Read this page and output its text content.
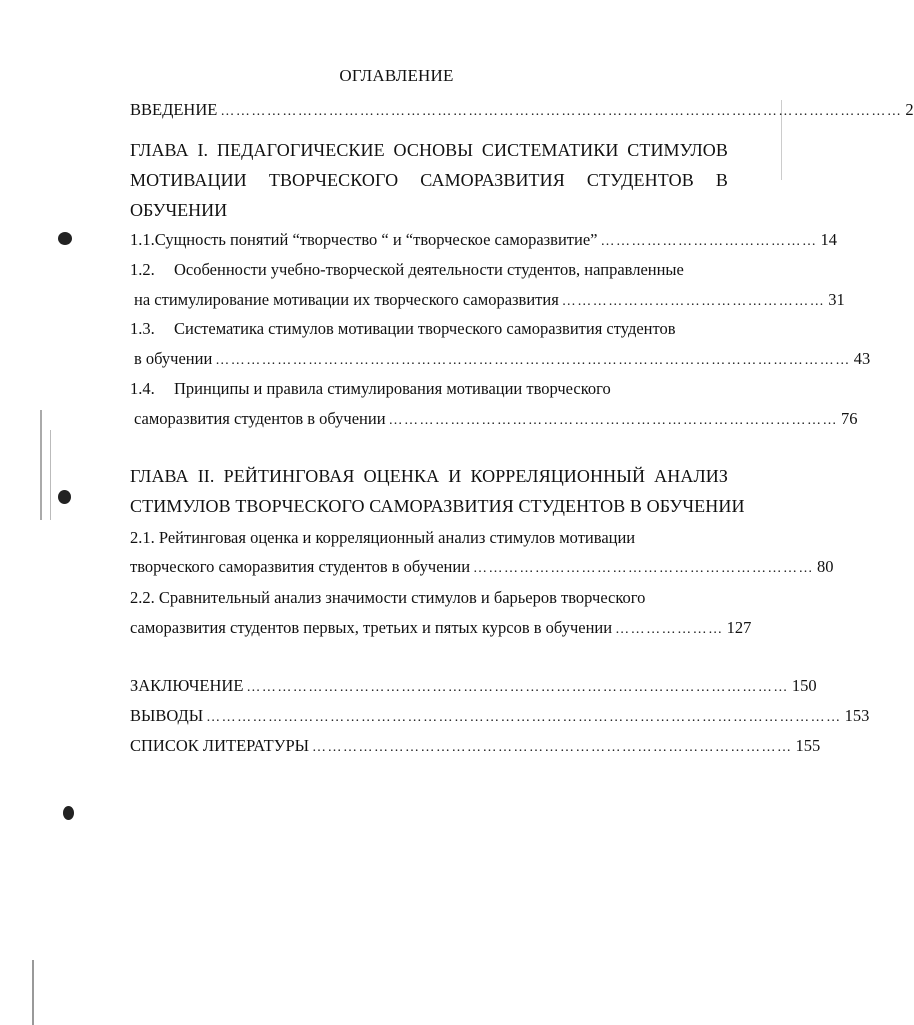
ОГЛАВЛЕНИЕ
ВВЕДЕНИЕ …………………………………………………………………………………………………………………… 2
ГЛАВА I. ПЕДАГОГИЧЕСКИЕ ОСНОВЫ СИСТЕМАТИКИ СТИМУЛОВ
МОТИВАЦИИ ТВОРЧЕСКОГО САМОРАЗВИТИЯ СТУДЕНТОВ В
ОБУЧЕНИИ
1.1. Сущность понятий “творчество “ и “творческое саморазвитие” …………………………………… 14
1.2.	Особенности учебно-творческой деятельности студентов, направленные
на стимулирование мотивации их творческого саморазвития …………………………………………… 31
1.3.	Систематика стимулов мотивации творческого саморазвития студентов
в обучении …………………………………………………………………………………………………………… 43
1.4.	Принципы и правила стимулирования мотивации творческого
саморазвития студентов в обучении …………………………………………………………………………… 76
ГЛАВА II. РЕЙТИНГОВАЯ ОЦЕНКА И КОРРЕЛЯЦИОННЫЙ АНАЛИЗ
СТИМУЛОВ ТВОРЧЕСКОГО САМОРАЗВИТИЯ СТУДЕНТОВ В ОБУЧЕНИИ
2.1. Рейтинговая оценка и корреляционный анализ стимулов мотивации
творческого саморазвития студентов в обучении ………………………………………………………… 80
2.2. Сравнительный анализ значимости стимулов и барьеров творческого
саморазвития студентов первых, третьих и пятых курсов в обучении ………………… 127
ЗАКЛЮЧЕНИЕ …………………………………………………………………………………………… 150
ВЫВОДЫ …………………………………………………………………………………………………………… 153
СПИСОК ЛИТЕРАТУРЫ ………………………………………………………………………………… 155
